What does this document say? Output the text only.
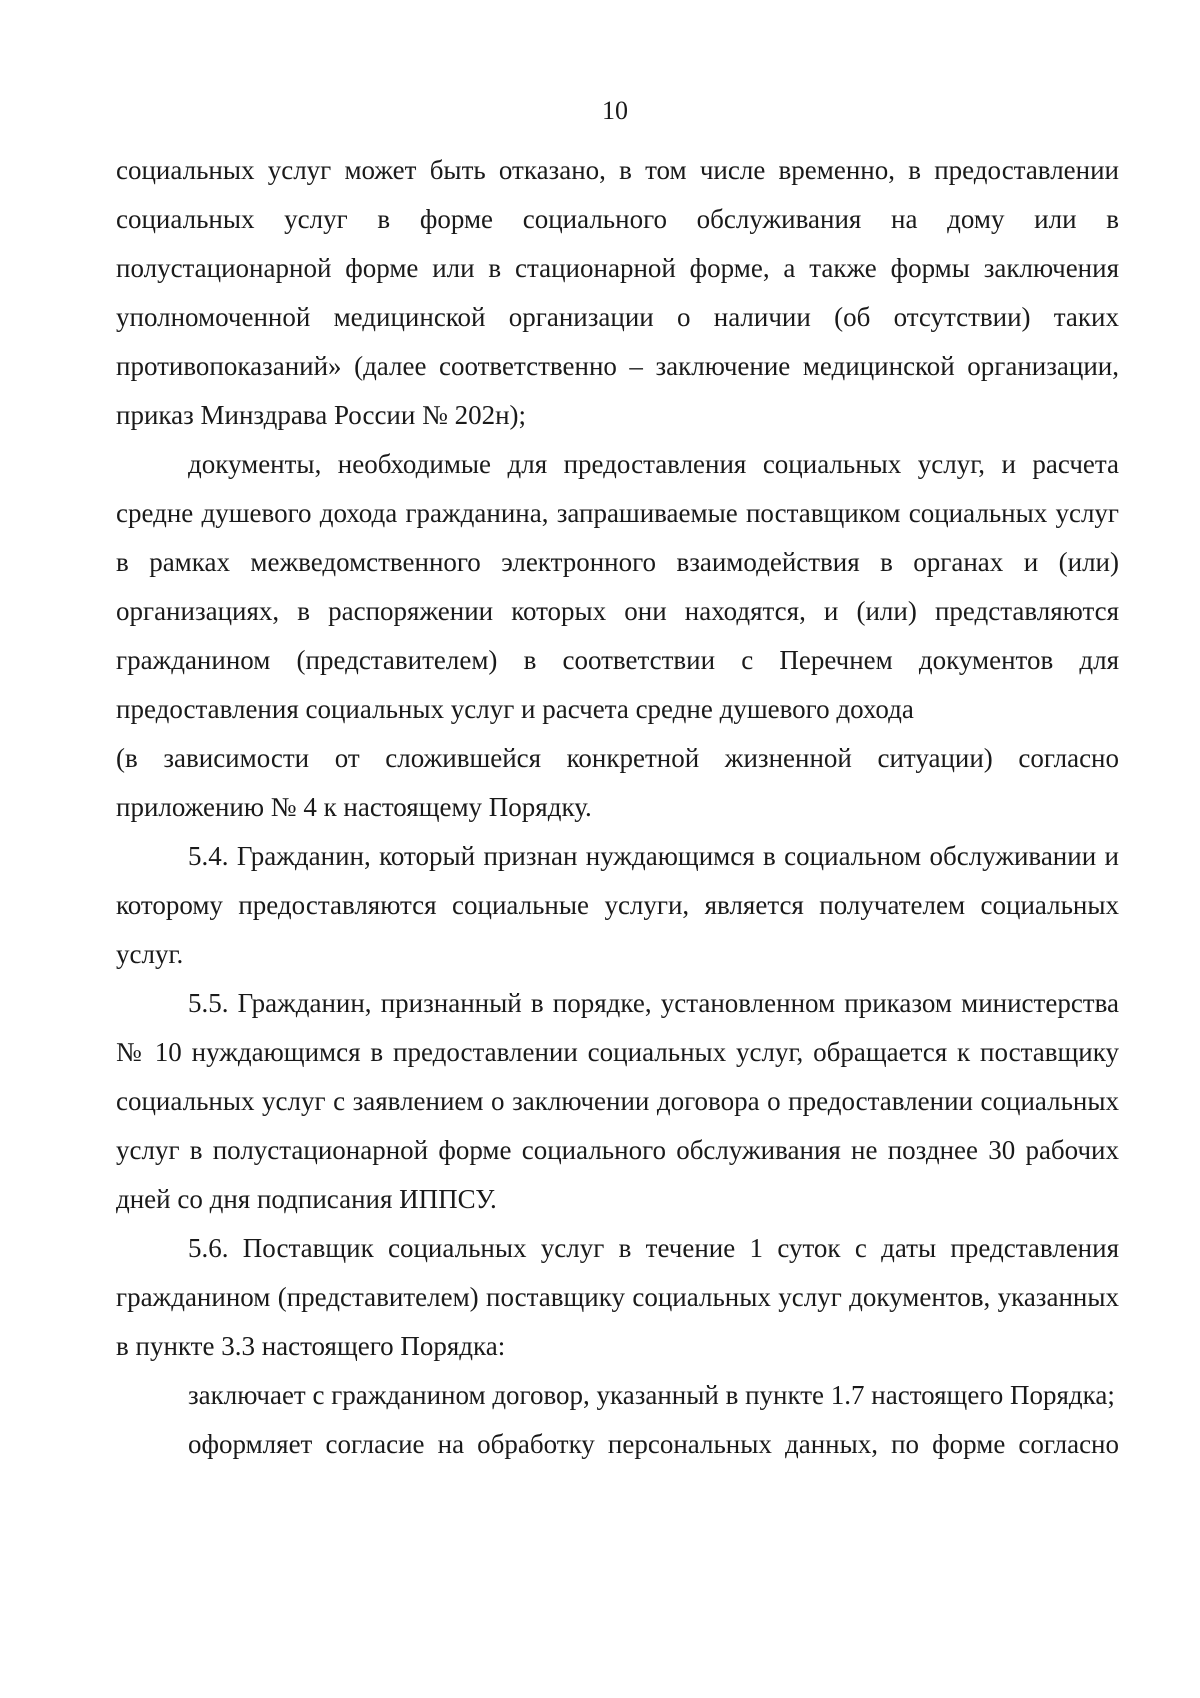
10

социальных услуг может быть отказано, в том числе временно, в предоставлении социальных услуг в форме социального обслуживания на дому или в полустационарной форме или в стационарной форме, а также формы заключения уполномоченной медицинской организации о наличии (об отсутствии) таких противопоказаний» (далее соответственно – заключение медицинской организации, приказ Минздрава России № 202н);

документы, необходимые для предоставления социальных услуг, и расчета средне душевого дохода гражданина, запрашиваемые поставщиком социальных услуг в рамках межведомственного электронного взаимодействия в органах и (или) организациях, в распоряжении которых они находятся, и (или) представляются гражданином (представителем) в соответствии с Перечнем документов для предоставления социальных услуг и расчета средне душевого дохода

(в зависимости от сложившейся конкретной жизненной ситуации) согласно приложению № 4 к настоящему Порядку.

5.4. Гражданин, который признан нуждающимся в социальном обслуживании и которому предоставляются социальные услуги, является получателем социальных услуг.

5.5. Гражданин, признанный в порядке, установленном приказом министерства № 10 нуждающимся в предоставлении социальных услуг, обращается к поставщику социальных услуг с заявлением о заключении договора о предоставлении социальных услуг в полустационарной форме социального обслуживания не позднее 30 рабочих дней со дня подписания ИППСУ.

5.6. Поставщик социальных услуг в течение 1 суток с даты представления гражданином (представителем) поставщику социальных услуг документов, указанных в пункте 3.3 настоящего Порядка:

заключает с гражданином договор, указанный в пункте 1.7 настоящего Порядка;

оформляет согласие на обработку персональных данных, по форме согласно
